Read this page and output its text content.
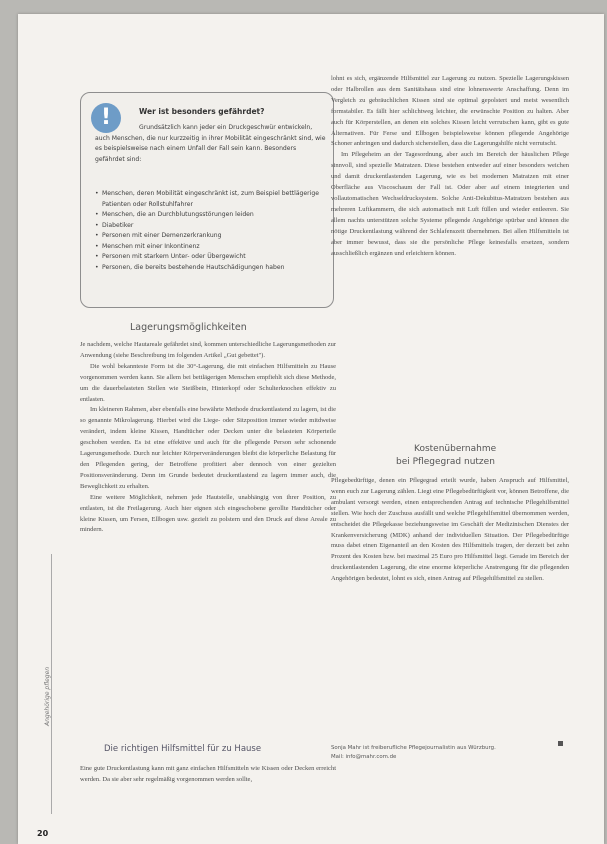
!	Wer ist besonders gefährdet?
Grundsätzlich kann jeder ein Druckgeschwür entwickeln, auch Menschen, die nur kurzzeitig in ihrer Mobilität eingeschränkt sind, wie es beispielsweise nach einem Unfall der Fall sein kann. Besonders gefährdet sind:
• Menschen, deren Mobilität eingeschränkt ist, zum Beispiel bettlägerige Patienten oder Rollstuhlfahrer
• Menschen, die an Durchblutungsstörungen leiden
• Diabetiker
• Personen mit einer Demenzerkrankung
• Menschen mit einer Inkontinenz
• Personen mit starkem Unter- oder Übergewicht
• Personen, die bereits bestehende Hautschädigungen haben
Lagerungsmöglichkeiten

Je nachdem, welche Hautareale gefährdet sind, kommen unterschiedliche Lagerungsmethoden zur Anwendung (siehe Beschreibung im folgenden Artikel „Gut gebettet").

Die wohl bekannteste Form ist die 30°-Lagerung, die mit einfachen Hilfsmitteln zu Hause vorgenommen werden kann. Sie allem bei bettlägerigen Menschen empfiehlt sich diese Methode, um die dauerbelasteten Stellen wie Steißbein, Hinterkopf oder Schulterknochen effektiv zu entlasten.

Im kleineren Rahmen, aber ebenfalls eine bewährte Methode druckentlastend zu lagern, ist die so genannte Mikrolagerung. Hierbei wird die Liege- oder Sitzposition immer wieder mitdweise verändert, indem kleine Kissen, Handtücher oder Decken unter die belasteten Körperteile geschoben werden. Es ist eine effektive und auch für die pflegende Person sehr schonende Lagerungsmethode. Durch nur leichter Körperveränderungen bleibt die körperliche Belastung für den Pflegenden gering, der Betroffene profitiert aber dennoch von einer gezielten Positionsveränderung. Denn im Grunde bedeutet druckentlastend zu lagern immer auch, die Beweglichkeit zu erhalten.

Eine weitere Möglichkeit, nehmen jede Hautstelle, unabhängig von ihrer Position, zu entlasten, ist die Freilagerung. Auch hier eignen sich eingeschobene gerollte Handtücher oder kleine Kissen, um Fersen, Ellbogen usw. gezielt zu polstern und den Druck auf diese Areale zu mindern.

Die richtigen Hilfsmittel für zu Hause

Eine gute Druckentlastung kann mit ganz einfachen Hilfsmitteln wie Kissen oder Decken erreicht werden. Da sie aber sehr regelmäßig vorgenommen werden sollte,

lohnt es sich, ergänzende Hilfsmittel zur Lagerung zu nutzen. Spezielle Lagerungskissen oder Halbrollen aus dem Sanitätshaus sind eine lohnenswerte Anschaffung. Denn im Vergleich zu gebräuchlichen Kissen sind sie optimal gepolstert und meist wesentlich formstabiler. Es fällt hier schlichtweg leichter, die erwünschte Position zu halten. Aber auch für Körperstellen, an denen ein solches Kissen leicht verrutschen kann, gibt es gute Alternativen. Für Ferse und Ellbogen beispielsweise können pflegende Angehörige Schoner anbringen und dadurch sicherstellen, dass die Lagerungshilfe nicht verrutscht.

Im Pflegeheim an der Tagesordnung, aber auch im Bereich der häuslichen Pflege sinnvoll, sind spezielle Matratzen. Diese bestehen entweder auf einer besonders weichen und damit druckentlastenden Lagerung, wie es bei modernen Matratzen mit einer Oberfläche aus Viscoschaum der Fall ist. Oder aber auf einem integrierten und vollautomatischen Wechseldrucksystem. Solche Anti-Dekubitus-Matratzen bestehen aus mehreren Luftkammern, die sich automatisch mit Luft füllen und wieder entleeren. Sie allem nachts unterstützen solche Systeme pflegende Angehörige spürbar und können die nötige Druckentlastung während der Schlafenszeit übernehmen. Bei allen Hilfsmitteln ist aber immer bewusst, dass sie die persönliche Pflege keinesfalls ersetzen, sondern ausschließlich ergänzen und erleichtern können.

Kostenübernahme
bei Pflegegrad nutzen

Pflegebedürftige, denen ein Pflegegrad erteilt wurde, haben Anspruch auf Hilfsmittel, wenn euch zur Lagerung zählen. Liegt eine Pflegebedürftigkeit vor, können Betroffene, die ambulant versorgt werden, einen entsprechenden Antrag auf technische Pflegehilfsmittel stellen. Wie hoch der Zuschuss ausfällt und welche Pflegehilfsmittel übernommen werden, entscheidet die Pflegekasse beziehungsweise im Geschäft der Medizinischen Dienstes der Krankenversicherung (MDK) anhand der individuellen Situation. Der Pflegebedürftige muss dabei einen Eigenanteil an den Kosten des Hilfsmittels tragen, der derzeit bei zehn Prozent des Kosten bzw. bei maximal 25 Euro pro Hilfsmittel liegt. Gerade im Bereich der druckentlastenden Lagerung, die eine enorme körperliche Anstrengung für die pflegenden Angehörigen bedeutet, lohnt es sich, einen Antrag auf Pflegehilfsmittel zu stellen.

Sonja Mahr ist freiberufliche Pflegejournalistin aus Würzburg.
Mail: info@mahr.com.de
Angehörige pflegen
20
